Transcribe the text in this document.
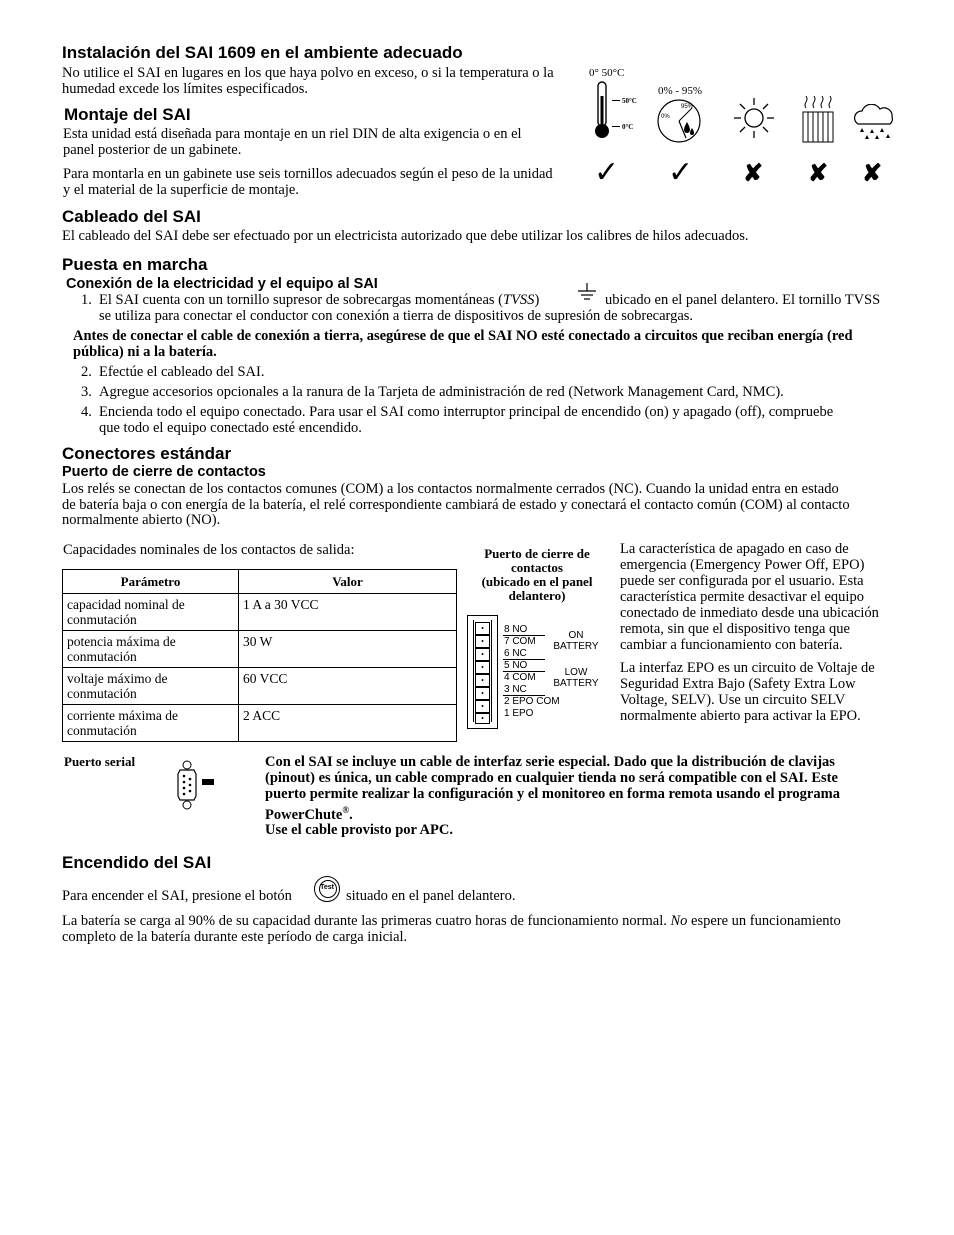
Instalación del SAI 1609 en el ambiente adecuado
No utilice el SAI en lugares en los que haya polvo en exceso, o si la temperatura o la
humedad excede los límites especificados.
0° 50°C
50°C
0°C
0% - 95%
0%
95%
✓ ✓ ✘ ✘ ✘
Montaje del SAI
Esta unidad está diseñada para montaje en un riel DIN de alta exigencia o en el
panel posterior de un gabinete.
Para montarla en un gabinete use seis tornillos adecuados según el peso de la unidad
y el material de la superficie de montaje.
Cableado del SAI
El cableado del SAI debe ser efectuado por un electricista autorizado que debe utilizar los calibres de hilos adecuados.
Puesta en marcha
Conexión de la electricidad y el equipo al SAI
1. El SAI cuenta con un tornillo supresor de sobrecargas momentáneas (TVSS)	ubicado en el panel delantero. El tornillo TVSS
se utiliza para conectar el conductor con conexión a tierra de dispositivos de supresión de sobrecargas.
Antes de conectar el cable de conexión a tierra, asegúrese de que el SAI NO esté conectado a circuitos que reciban energía (red
pública) ni a la batería.
2. Efectúe el cableado del SAI.
3. Agregue accesorios opcionales a la ranura de la Tarjeta de administración de red (Network Management Card, NMC).
4. Encienda todo el equipo conectado. Para usar el SAI como interruptor principal de encendido (on) y apagado (off), compruebe
que todo el equipo conectado esté encendido.
Conectores estándar
Puerto de cierre de contactos
Los relés se conectan de los contactos comunes (COM) a los contactos normalmente cerrados (NC). Cuando la unidad entra en estado
de batería baja o con energía de la batería, el relé correspondiente cambiará de estado y conectará el contacto común (COM) al contacto
normalmente abierto (NO).
Capacidades nominales de los contactos de salida:
Parámetro	Valor
capacidad nominal de
conmutación	1 A a 30 VCC
potencia máxima de
conmutación	30 W
voltaje máximo de
conmutación	60 VCC
corriente máxima de
conmutación	2 ACC
Puerto de cierre de
contactos
(ubicado en el panel
delantero)
•
•
•
•
•
•
•
•
8 NO
7 COM
6 NC
5 NO
4 COM
3 NC
2 EPO COM
1 EPO
ON
BATTERY
LOW
BATTERY
La característica de apagado en caso de
emergencia (Emergency Power Off, EPO)
puede ser configurada por el usuario. Esta
característica permite desactivar el equipo
conectado de inmediato desde una ubicación
remota, sin que el dispositivo tenga que
cambiar a funcionamiento con batería.
La interfaz EPO es un circuito de Voltaje de
Seguridad Extra Bajo (Safety Extra Low
Voltage, SELV). Use un circuito SELV
normalmente abierto para activar la EPO.
Puerto serial	Con el SAI se incluye un cable de interfaz serie especial. Dado que la distribución de clavijas
(pinout) es única, un cable comprado en cualquier tienda no será compatible con el SAI. Este
puerto permite realizar la configuración y el monitoreo en forma remota usando el programa
PowerChute®.
Use el cable provisto por APC.
Encendido del SAI
Para encender el SAI, presione el botón
Test
situado en el panel delantero.
La batería se carga al 90% de su capacidad durante las primeras cuatro horas de funcionamiento normal. No espere un funcionamiento
completo de la batería durante este período de carga inicial.
